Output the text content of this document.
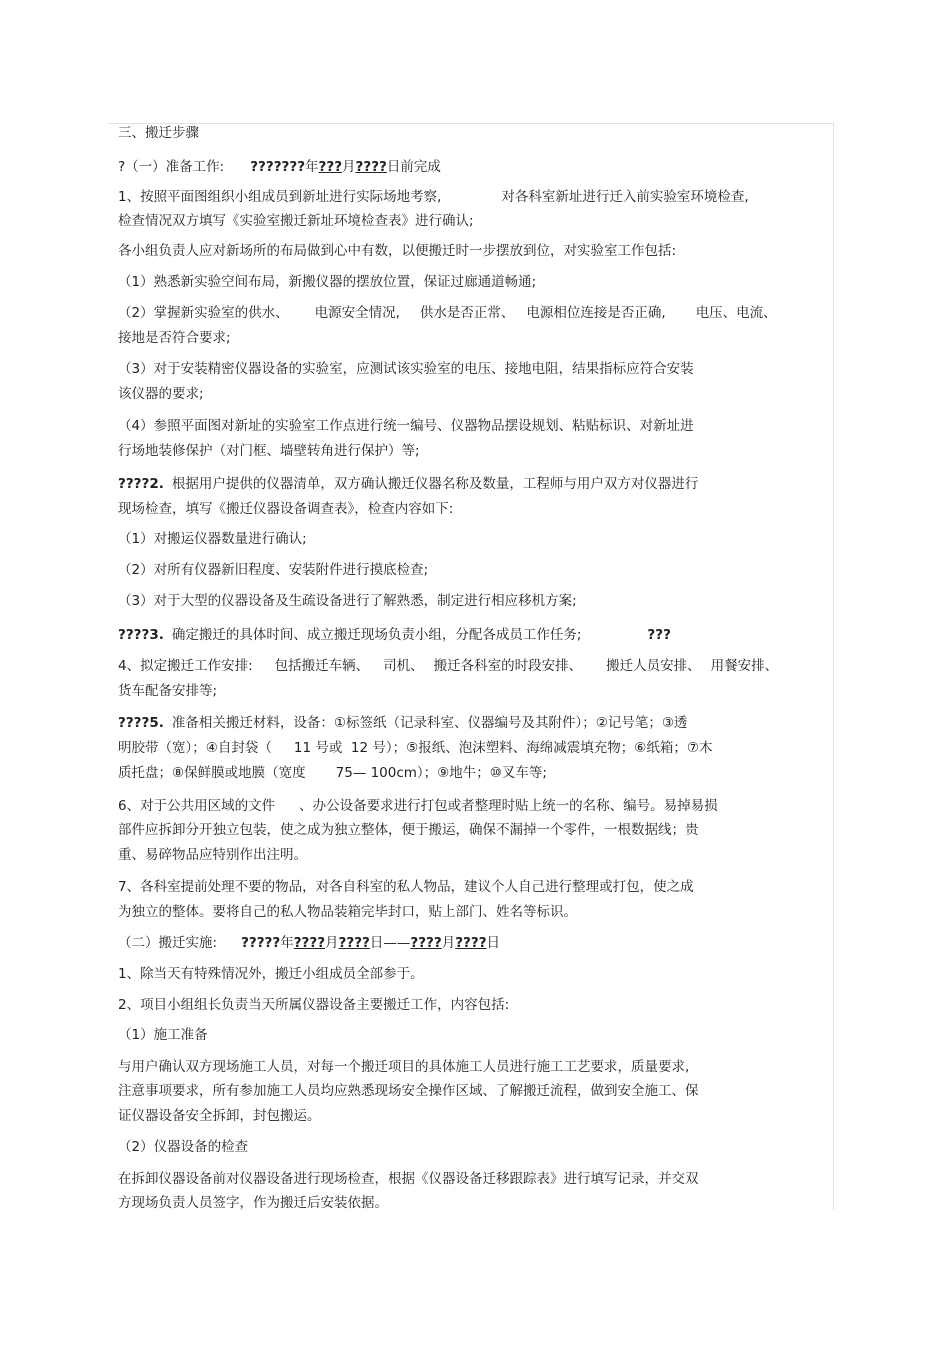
三、搬迁步骤

?（一）准备工作: ???????年???月????日前完成

1、按照平面图组织小组成员到新址进行实际场地考察,	对各科室新址进行迁入前实验室环境检查,

检查情况双方填写《实验室搬迁新址环境检查表》进行确认;

各小组负责人应对新场所的布局做到心中有数，以便搬迁时一步摆放到位，对实验室工作包括:

（1）熟悉新实验空间布局，新搬仪器的摆放位置，保证过廊通道畅通;

（2）掌握新实验室的供水、 电源安全情况, 供水是否正常、 电源相位连接是否正确, 电压、电流、

接地是否符合要求;

（3）对于安装精密仪器设备的实验室，应测试该实验室的电压、接地电阻，结果指标应符合安装

该仪器的要求;

（4）参照平面图对新址的实验室工作点进行统一编号、仪器物品摆设规划、粘贴标识、对新址进

行场地装修保护（对门框、墙壁转角进行保护）等;

????2. 根据用户提供的仪器清单，双方确认搬迁仪器名称及数量，工程师与用户双方对仪器进行

现场检查，填写《搬迁仪器设备调查表》，检查内容如下:

（1）对搬运仪器数量进行确认;

（2）对所有仪器新旧程度、安装附件进行摸底检查;

（3）对于大型的仪器设备及生疏设备进行了解熟悉，制定进行相应移机方案;

????3. 确定搬迁的具体时间、成立搬迁现场负责小组，分配各成员工作任务;	???

4、拟定搬迁工作安排: 包括搬迁车辆、 司机、 搬迁各科室的时段安排、 搬迁人员安排、 用餐安排、

货车配备安排等;

????5. 准备相关搬迁材料，设备：①标签纸（记录科室、仪器编号及其附件）；②记号笔；③透

明胶带（宽）；④自封袋（ 11 号或  12 号）；⑤报纸、泡沫塑料、海绵减震填充物；⑥纸箱；⑦木

质托盘；⑧保鲜膜或地膜（宽度 75— 100cm）；⑨地牛；⑩叉车等;

6、对于公共用区域的文件 、办公设备要求进行打包或者整理时贴上统一的名称、编号。易掉易损

部件应拆卸分开独立包装，使之成为独立整体，便于搬运，确保不漏掉一个零件，一根数据线；贵

重、易碎物品应特别作出注明。

7、各科室提前处理不要的物品，对各自科室的私人物品，建议个人自己进行整理或打包，使之成

为独立的整体。要将自己的私人物品装箱完毕封口，贴上部门、姓名等标识。

（二）搬迁实施: ?????年????月????日——????月????日

1、除当天有特殊情况外，搬迁小组成员全部参于。

2、项目小组组长负责当天所属仪器设备主要搬迁工作，内容包括:

（1）施工准备

与用户确认双方现场施工人员，对每一个搬迁项目的具体施工人员进行施工工艺要求，质量要求,

注意事项要求，所有参加施工人员均应熟悉现场安全操作区域、了解搬迁流程，做到安全施工、保

证仪器设备安全拆卸，封包搬运。

（2）仪器设备的检查

在拆卸仪器设备前对仪器设备进行现场检查，根据《仪器设备迁移跟踪表》进行填写记录，并交双

方现场负责人员签字，作为搬迁后安装依据。
